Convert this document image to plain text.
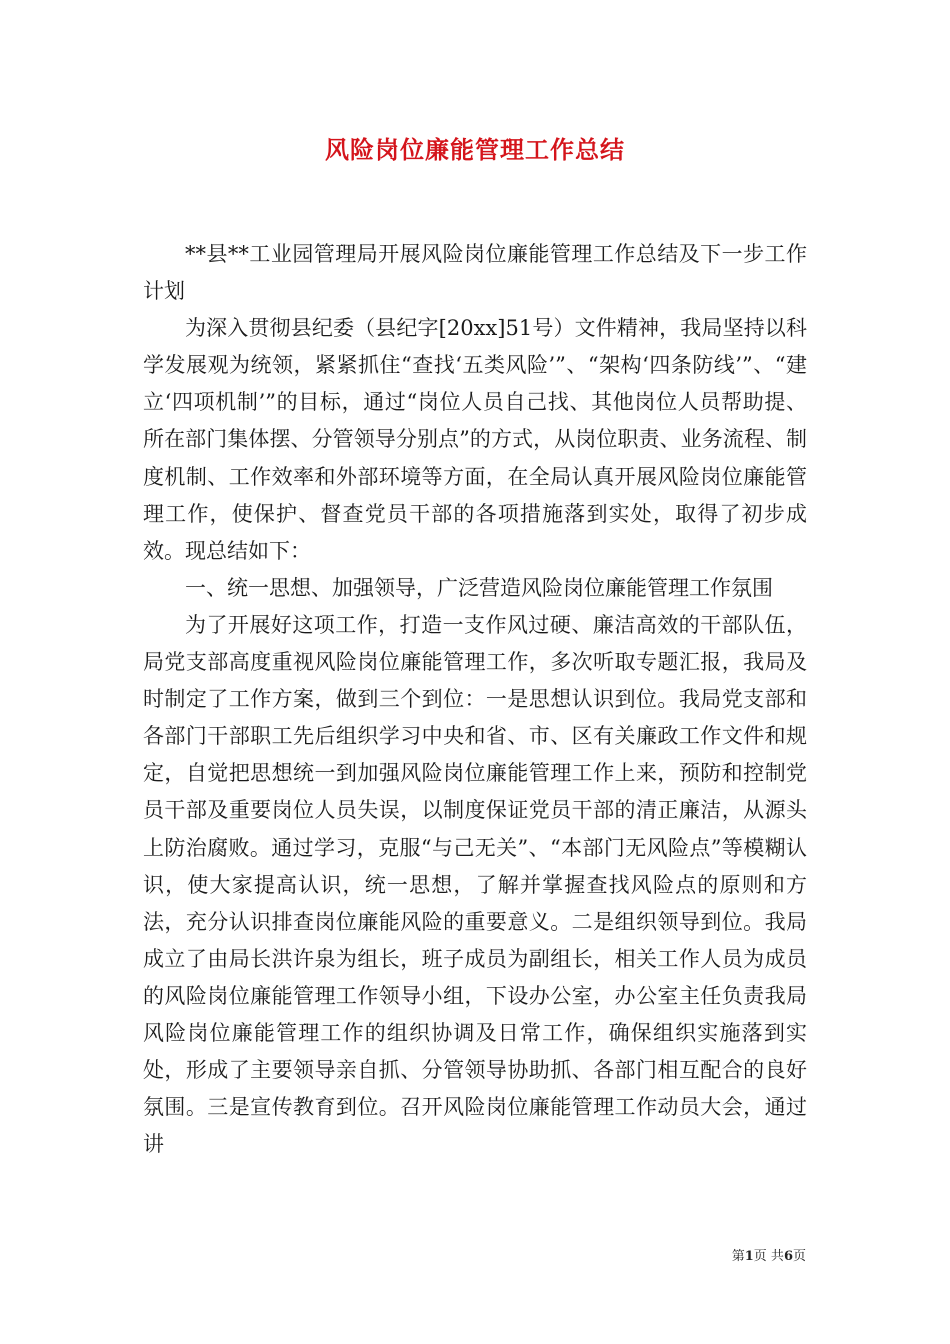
风险岗位廉能管理工作总结

**县**工业园管理局开展风险岗位廉能管理工作总结及下一步工作计划

为深入贯彻县纪委（县纪字[20xx]51号）文件精神，我局坚持以科学发展观为统领，紧紧抓住“查找‘五类风险’”、“架构‘四条防线’”、“建立‘四项机制’”的目标，通过“岗位人员自己找、其他岗位人员帮助提、所在部门集体摆、分管领导分别点”的方式，从岗位职责、业务流程、制度机制、工作效率和外部环境等方面，在全局认真开展风险岗位廉能管理工作，使保护、督查党员干部的各项措施落到实处，取得了初步成效。现总结如下：

一、统一思想、加强领导，广泛营造风险岗位廉能管理工作氛围

为了开展好这项工作，打造一支作风过硬、廉洁高效的干部队伍，局党支部高度重视风险岗位廉能管理工作，多次听取专题汇报，我局及时制定了工作方案，做到三个到位：一是思想认识到位。我局党支部和各部门干部职工先后组织学习中央和省、市、区有关廉政工作文件和规定，自觉把思想统一到加强风险岗位廉能管理工作上来，预防和控制党员干部及重要岗位人员失误，以制度保证党员干部的清正廉洁，从源头上防治腐败。通过学习，克服“与己无关”、“本部门无风险点”等模糊认识，使大家提高认识，统一思想，了解并掌握查找风险点的原则和方法，充分认识排查岗位廉能风险的重要意义。二是组织领导到位。我局成立了由局长洪许泉为组长，班子成员为副组长，相关工作人员为成员的风险岗位廉能管理工作领导小组，下设办公室，办公室主任负责我局风险岗位廉能管理工作的组织协调及日常工作，确保组织实施落到实处，形成了主要领导亲自抓、分管领导协助抓、各部门相互配合的良好氛围。三是宣传教育到位。召开风险岗位廉能管理工作动员大会，通过讲

第1页 共6页
